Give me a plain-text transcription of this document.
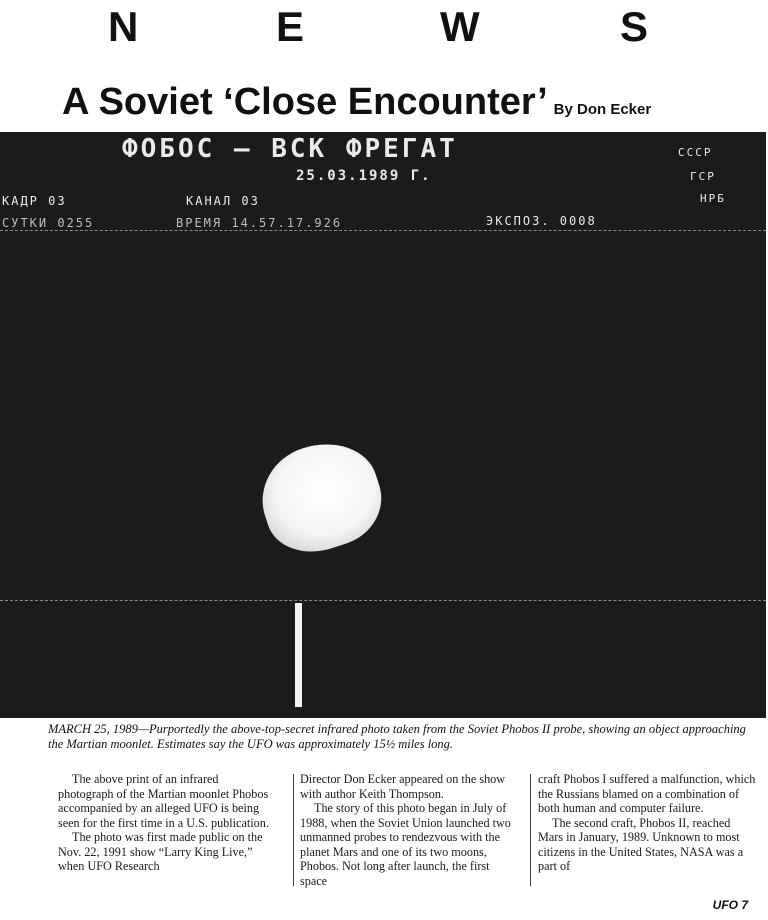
N	E	W	S
A Soviet ‘Close Encounter’ By Don Ecker
ФОБОС — ВСК ФРЕГАТ
25.03.1989 Г.
СССР
ГСР
НРБ
КАДР 03	КАНАЛ 03
СУТКИ 0255	ВРЕМЯ 14.57.17.926	ЭКСПОЗ. 0008

MARCH 25, 1989—Purportedly the above-top-secret infrared photo taken from the Soviet Phobos II probe, showing an object approaching the Martian moonlet. Estimates say the UFO was approximately 15½ miles long.

The above print of an infrared photograph of the Martian moonlet Phobos accompanied by an alleged UFO is being seen for the first time in a U.S. publication.

The photo was first made public on the Nov. 22, 1991 show “Larry King Live,” when UFO Research

Director Don Ecker appeared on the show with author Keith Thompson.

The story of this photo began in July of 1988, when the Soviet Union launched two unmanned probes to rendezvous with the planet Mars and one of its two moons, Phobos. Not long after launch, the first space

craft Phobos I suffered a malfunction, which the Russians blamed on a combination of both human and computer failure.

The second craft, Phobos II, reached Mars in January, 1989. Unknown to most citizens in the United States, NASA was a part of

UFO 7
